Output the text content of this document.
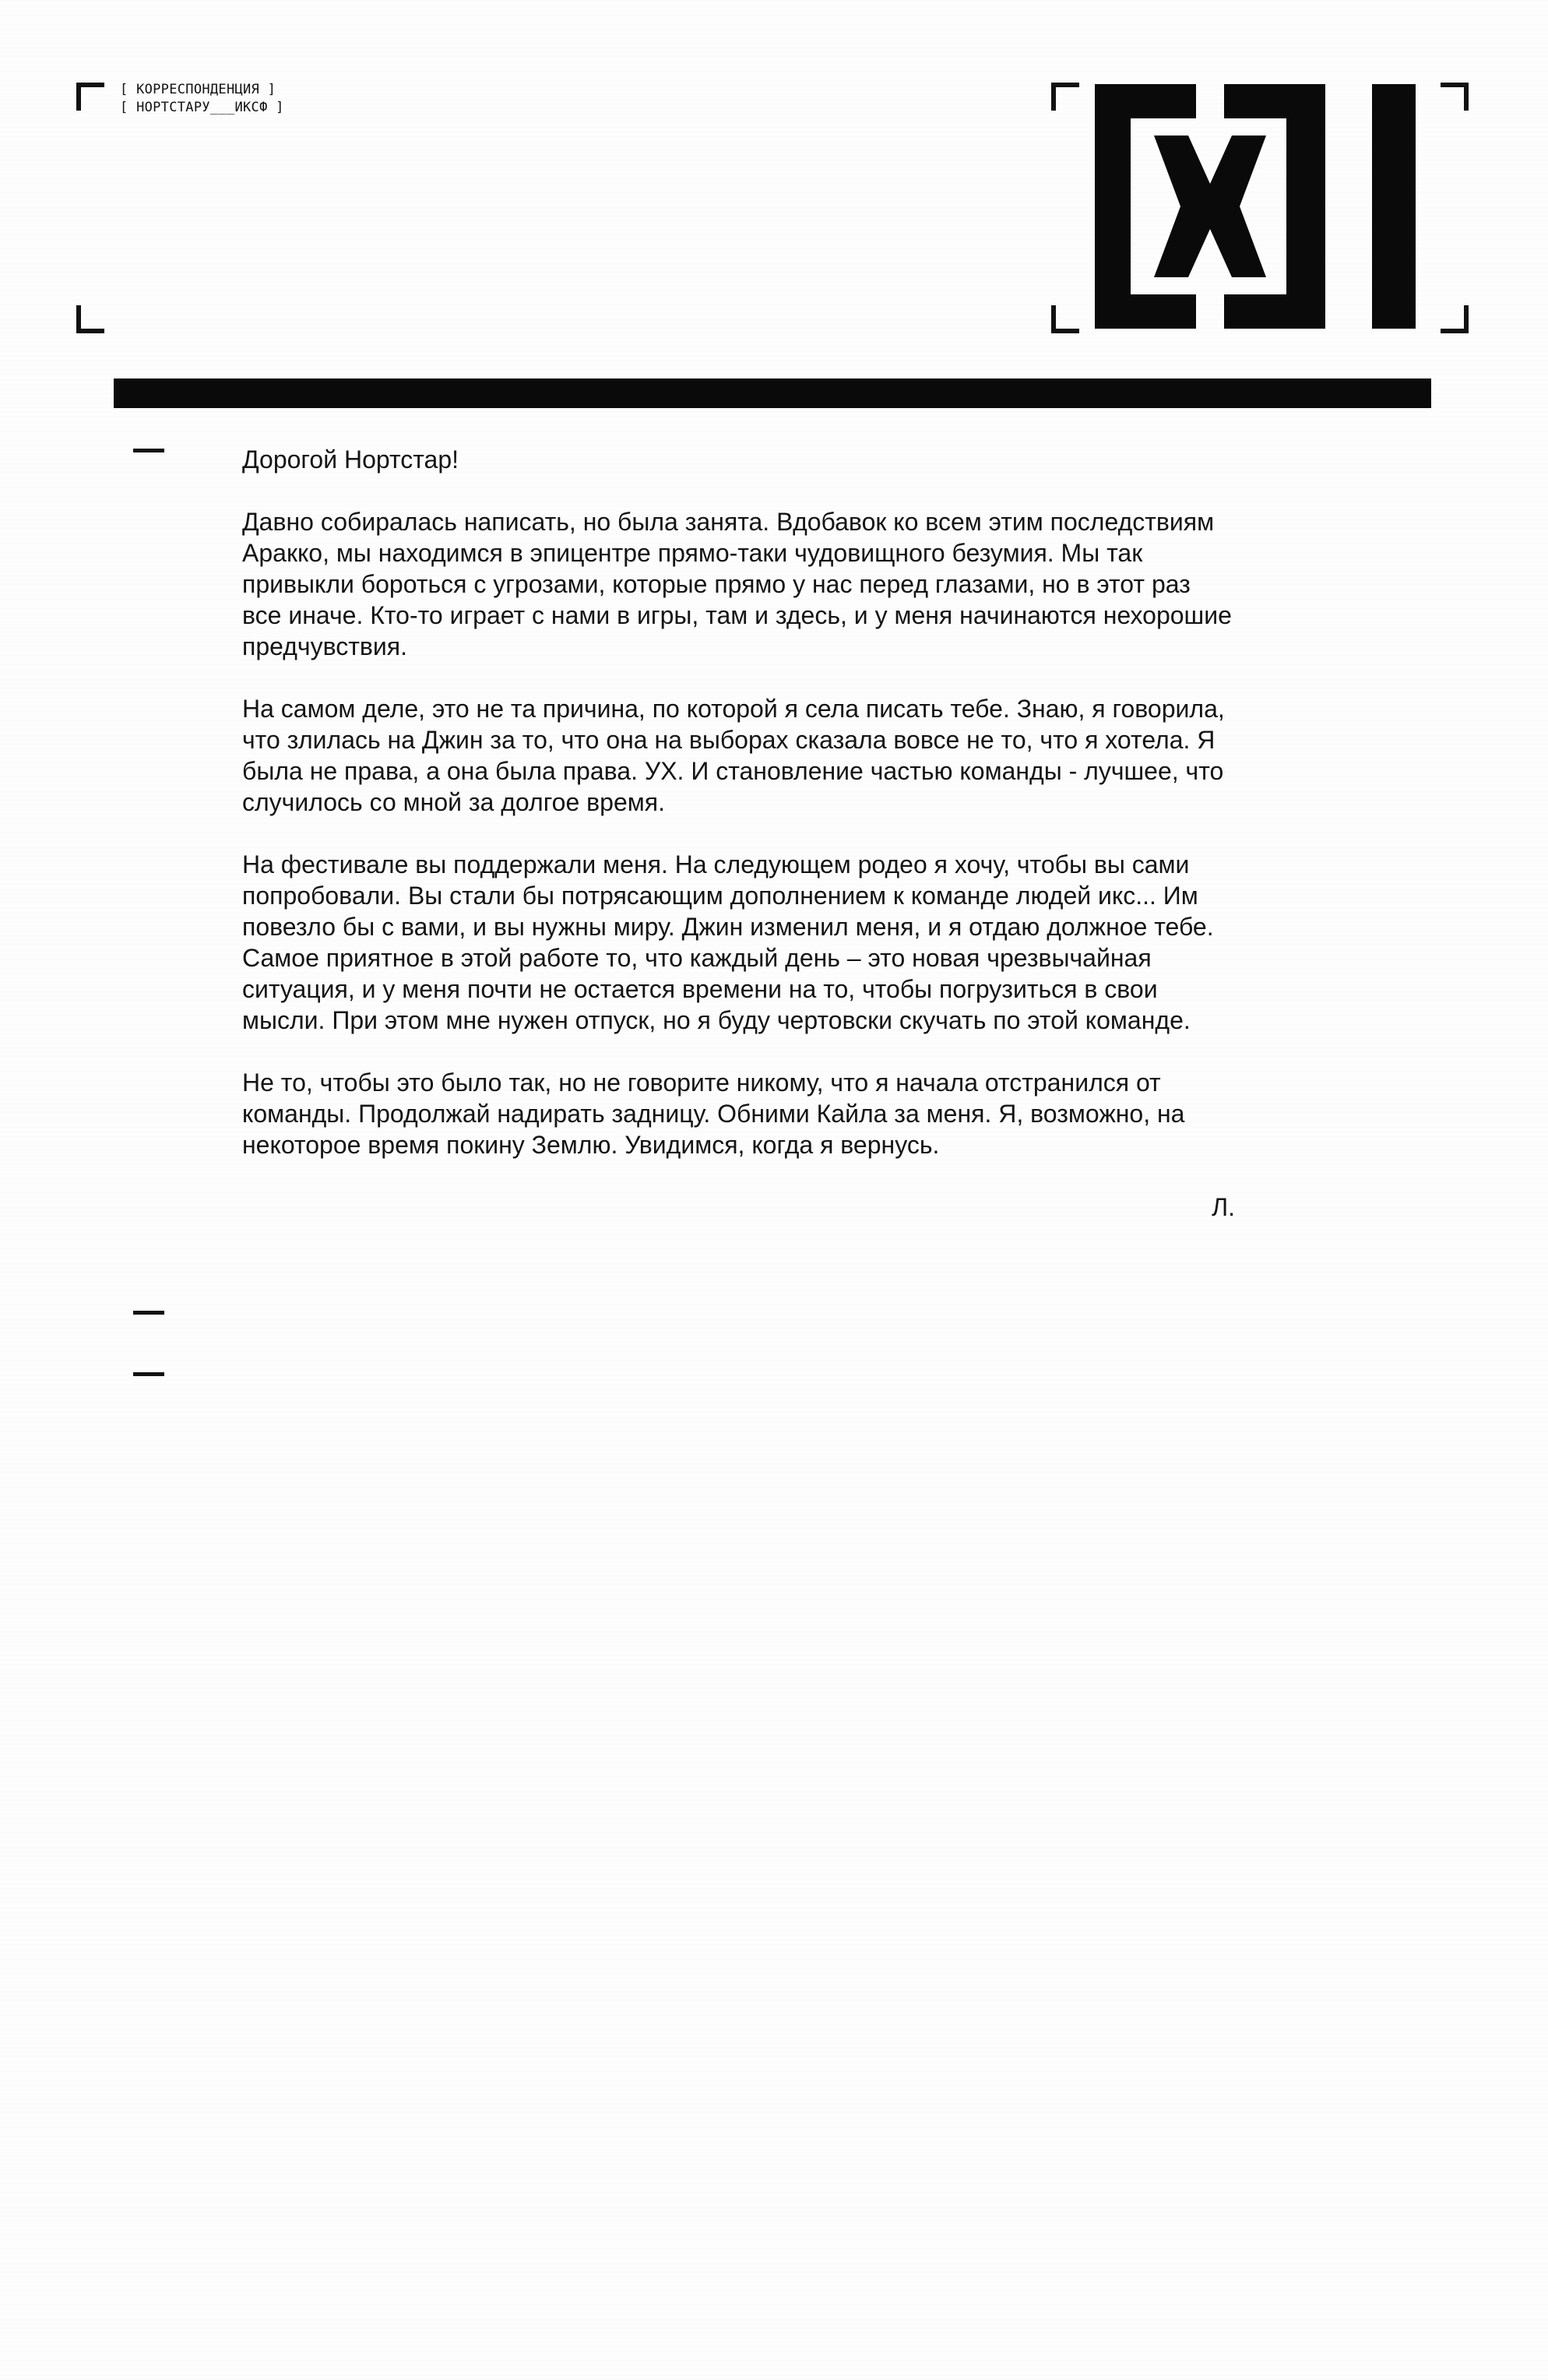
[ КОРРЕСПОНДЕНЦИЯ ]
[ НОРТСТАРУ___ИКСФ ]

Дорогой Нортстар!

Давно собиралась написать, но была занята. Вдобавок ко всем этим последствиям Аракко, мы находимся в эпицентре прямо-таки чудовищного безумия. Мы так привыкли бороться с угрозами, которые прямо у нас перед глазами, но в этот раз все иначе. Кто-то играет с нами в игры, там и здесь, и у меня начинаются нехорошие предчувствия.

На самом деле, это не та причина, по которой я села писать тебе. Знаю, я говорила, что злилась на Джин за то, что она на выборах сказала вовсе не то, что я хотела. Я была не права, а она была права. УХ. И становление частью команды - лучшее, что случилось со мной за долгое время.

На фестивале вы поддержали меня. На следующем родео я хочу, чтобы вы сами попробовали. Вы стали бы потрясающим дополнением к команде людей икс... Им повезло бы с вами, и вы нужны миру. Джин изменил меня, и я отдаю должное тебе. Самое приятное в этой работе то, что каждый день – это новая чрезвычайная ситуация, и у меня почти не остается времени на то, чтобы погрузиться в свои мысли. При этом мне нужен отпуск, но я буду чертовски скучать по этой команде.

Не то, чтобы это было так, но не говорите никому, что я начала отстранился от команды. Продолжай надирать задницу. Обними Кайла за меня. Я, возможно, на некоторое время покину Землю. Увидимся, когда я вернусь.

Л.
